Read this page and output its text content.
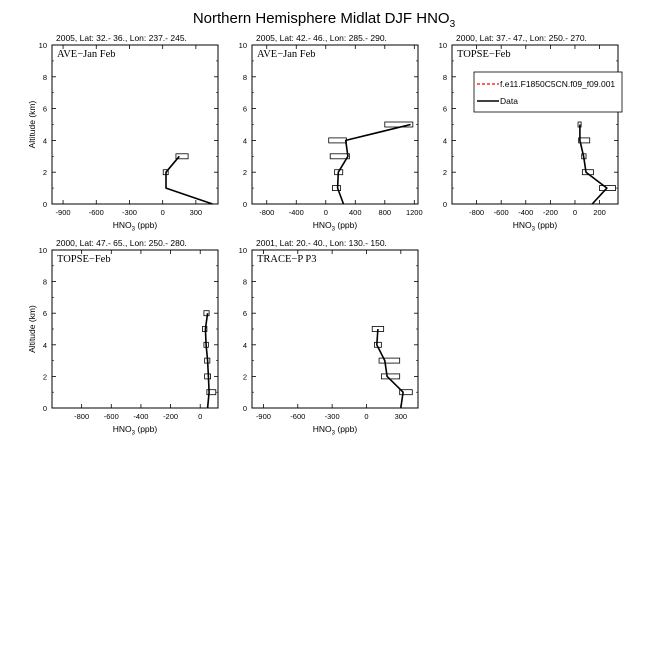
Northern Hemisphere Midlat DJF $HNO_3$
2005, Lat: 32.- 36., Lon: 237.- 245.
AVE−Jan Feb
0
2
4
6
8
10
-900 -600 -300	0	300
$HNO_3$ (ppb)
Altitude (km)
2005, Lat: 42.- 46., Lon: 285.- 290.
AVE−Jan Feb
0
2
4
6
8
10
-800 -400	0	400 800 1200
$HNO_3$ (ppb)
2000, Lat: 37.- 47., Lon: 250.- 270.
TOPSE−Feb
0
2
4
6
8
10
-800 -600 -400 -200 0 200
$HNO_3$ (ppb)
2000, Lat: 47.- 65., Lon: 250.- 280.
TOPSE−Feb
0
2
4
6
8
10
-800 -600 -400 -200	0
$HNO_3$ (ppb)
Altitude (km)
2001, Lat: 20.- 40., Lon: 130.- 150.
TRACE−P P3
0
2
4
6
8
10
-900	-600	-300	0	300
$HNO_3$ (ppb)
f.e11.F1850C5CN.f09_f09.001
Data
